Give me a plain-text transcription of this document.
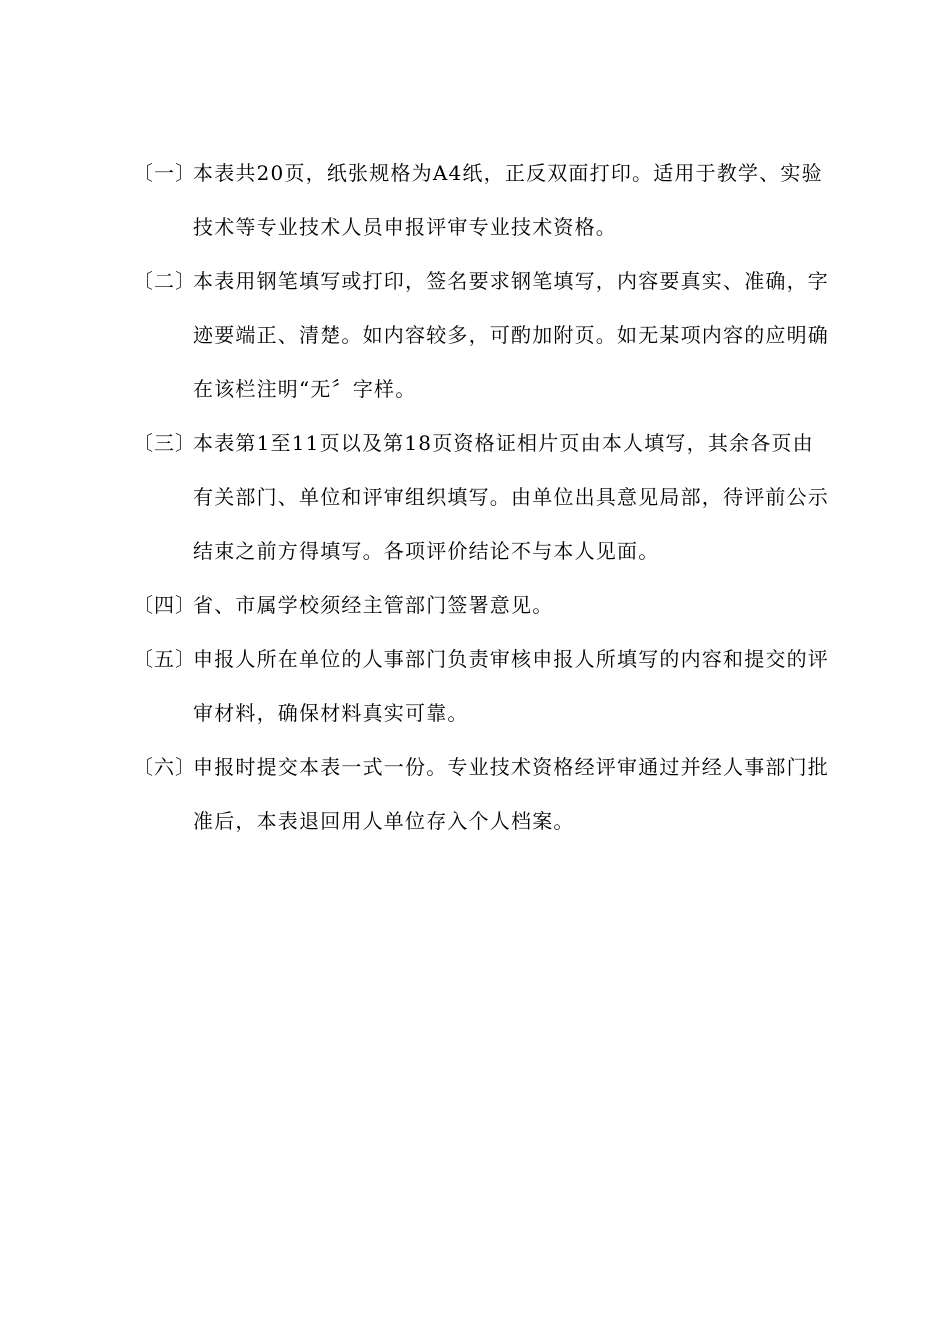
〔一〕
本表共20页，纸张规格为A4纸，正反双面打印。适用于教学、实验
技术等专业技术人员申报评审专业技术资格。
〔二〕
本表用钢笔填写或打印，签名要求钢笔填写，内容要真实、准确，字
迹要端正、清楚。如内容较多，可酌加附页。如无某项内容的应明确
在该栏注明“无〞字样。
〔三〕
本表第1至11页以及第18页资格证相片页由本人填写，其余各页由
有关部门、单位和评审组织填写。由单位出具意见局部，待评前公示
结束之前方得填写。各项评价结论不与本人见面。
〔四〕
省、市属学校须经主管部门签署意见。
〔五〕
申报人所在单位的人事部门负责审核申报人所填写的内容和提交的评
审材料，确保材料真实可靠。
〔六〕
申报时提交本表一式一份。专业技术资格经评审通过并经人事部门批
准后，本表退回用人单位存入个人档案。
